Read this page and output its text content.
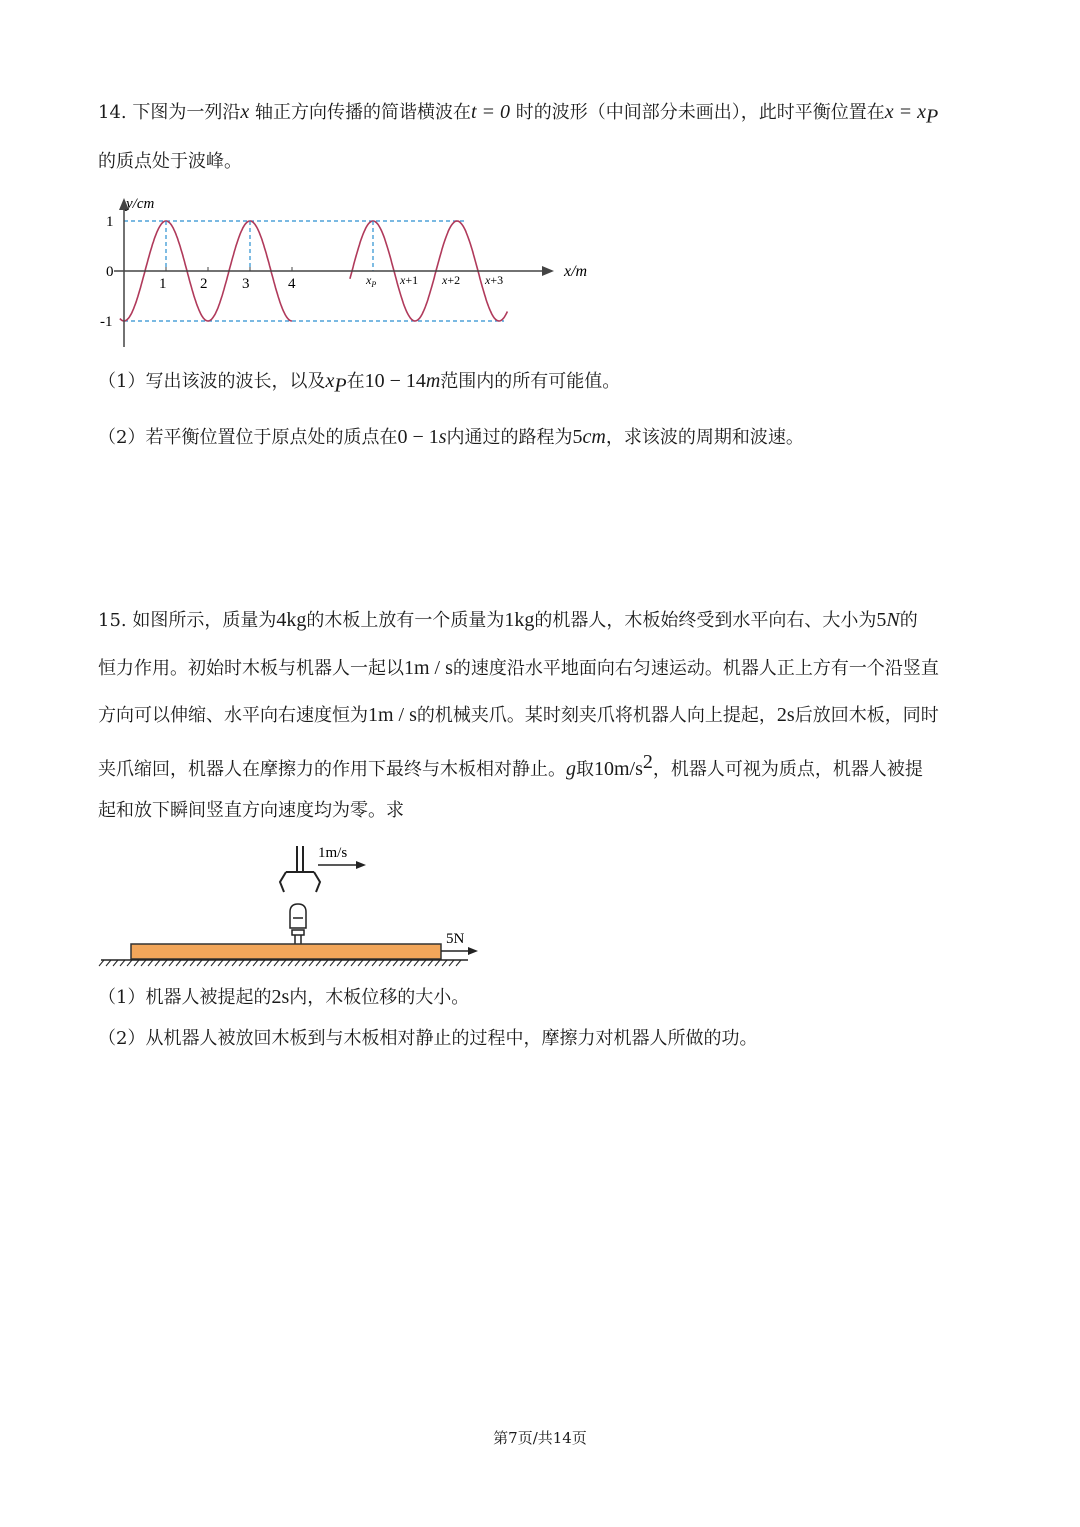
14. 下图为一列沿x 轴正方向传播的简谐横波在t = 0 时的波形（中间部分未画出），此时平衡位置在$x = x_P$
的质点处于波峰。
y/cm
x/m
1
0
-1
1 2 3	4	$x_P$ x+1 x+2 x+3
（1）写出该波的波长，以及$x_P$在10 − 14m范围内的所有可能值。
（2）若平衡位置位于原点处的质点在0 − 1s内通过的路程为5cm，求该波的周期和波速。
15. 如图所示，质量为4kg的木板上放有一个质量为1kg的机器人，木板始终受到水平向右、大小为5N的
恒力作用。初始时木板与机器人一起以1m / s的速度沿水平地面向右匀速运动。机器人正上方有一个沿竖直
方向可以伸缩、水平向右速度恒为1m / s的机械夹爪。某时刻夹爪将机器人向上提起，2s后放回木板，同时
夹爪缩回，机器人在摩擦力的作用下最终与木板相对静止。g取$10m/s^2$，机器人可视为质点，机器人被提
起和放下瞬间竖直方向速度均为零。求
1m/s
5N
（1）机器人被提起的2s内，木板位移的大小。
（2）从机器人被放回木板到与木板相对静止的过程中，摩擦力对机器人所做的功。
第7页/共14页
